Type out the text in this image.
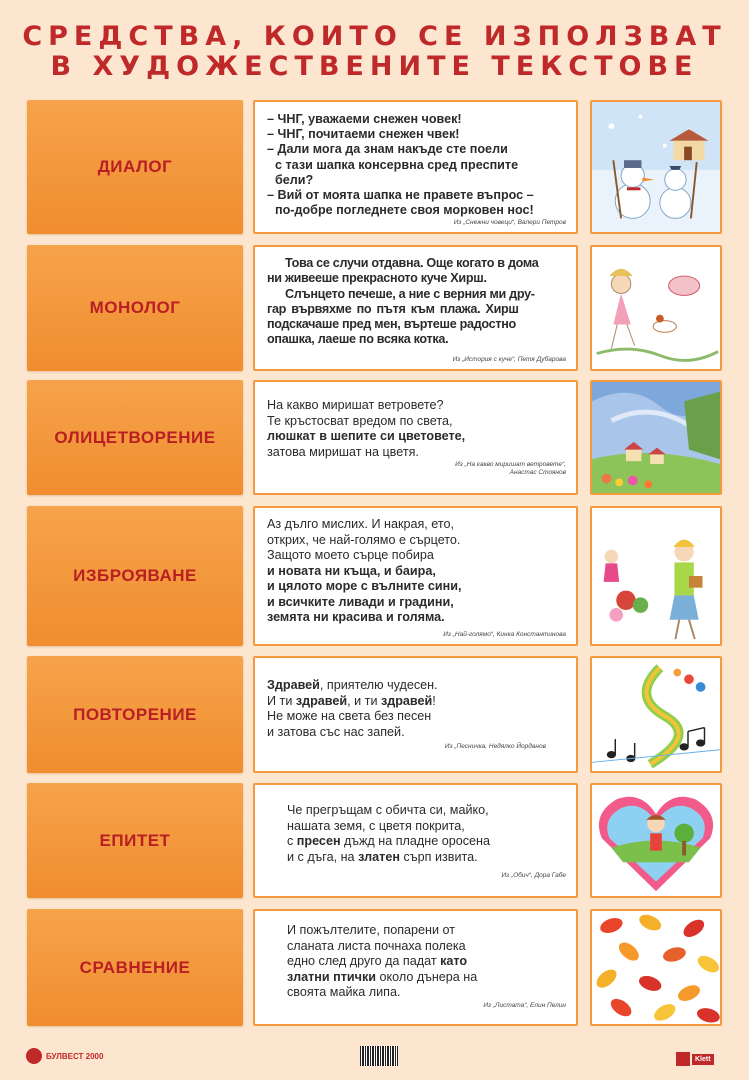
СРЕДСТВА, КОИТО СЕ ИЗПОЛЗВАТ
В ХУДОЖЕСТВЕНИТЕ ТЕКСТОВЕ
ДИАЛОГ

– ЧНГ, уважаеми снежен човек!

– ЧНГ, почитаеми снежен чвек!

– Дали мога да знам накъде сте поели

с тази шапка консервна сред преспите

бели?

– Вий от моята шапка не правете въпрос –

по-добре погледнете своя морковен нос!

Из „Снежни човеци“, Валери Петров
МОНОЛОГ

Това се случи отдавна. Още когато в дома

ни живееше прекрасното куче Хирш.

Слънцето печеше, а ние с верния ми дру-

гар вървяхме по пътя към плажа. Хирш

подскачаше пред мен, въртеше радостно

опашка, лаеше по всяка котка.

Из „История с куче“, Петя Дубарова
ОЛИЦЕТВОРЕНИЕ

На какво миришат ветровете?

Те кръстосват вредом по света,

люшкат в шепите си цветовете,

затова миришат на цветя.

Из „На какво миришат ветровете“,
Анастас Стоянов
ИЗБРОЯВАНЕ

Аз дълго мислих. И накрая, ето,

открих, че най-голямо е сърцето.

Защото моето сърце побира

и новата ни къща, и баира,

и цялото море с вълните сини,

и всичките ливади и градини,

земята ни красива и голяма.

Из „Най-голямо“, Кинка Константинова
ПОВТОРЕНИЕ

Здравей, приятелю чудесен.

И ти здравей, и ти здравей!

Не може на света без песен

и затова със нас запей.

Из „Песничка, Недялко Йорданов
ЕПИТЕТ

Че прегръщам с обичта си, майко,

нашата земя, с цветя покрита,

с пресен дъжд на пладне оросена

и с дъга, на златен сърп извита.

Из „Обич“, Дора Габе
СРАВНЕНИЕ

И пожълтелите, попарени от

сланата листа почнаха полека

едно след друго да падат като

златни птички около дънера на

своята майка липа.

Из „Листата“, Елин Пелин
БУЛВЕСТ 2000	Klett
